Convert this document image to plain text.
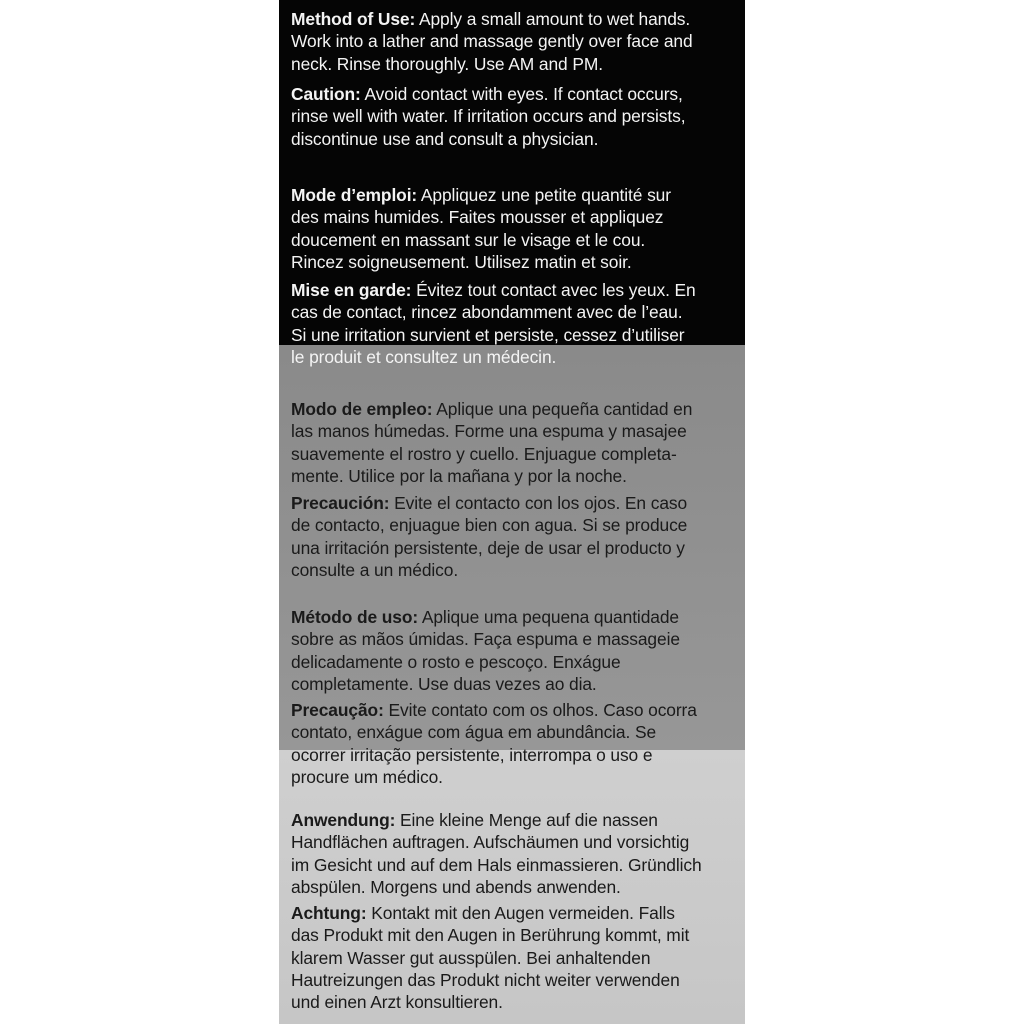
Method of Use: Apply a small amount to wet hands.
Work into a lather and massage gently over face and
neck. Rinse thoroughly. Use AM and PM.

Caution: Avoid contact with eyes. If contact occurs,
rinse well with water. If irritation occurs and persists,
discontinue use and consult a physician.

Mode d’emploi: Appliquez une petite quantité sur
des mains humides. Faites mousser et appliquez
doucement en massant sur le visage et le cou.
Rincez soigneusement. Utilisez matin et soir.

Mise en garde: Évitez tout contact avec les yeux. En
cas de contact, rincez abondamment avec de l’eau.
Si une irritation survient et persiste, cessez d’utiliser
le produit et consultez un médecin.

Modo de empleo: Aplique una pequeña cantidad en
las manos húmedas. Forme una espuma y masajee
suavemente el rostro y cuello. Enjuague completa-
mente. Utilice por la mañana y por la noche.

Precaución: Evite el contacto con los ojos. En caso
de contacto, enjuague bien con agua. Si se produce
una irritación persistente, deje de usar el producto y
consulte a un médico.

Método de uso: Aplique uma pequena quantidade
sobre as mãos úmidas. Faça espuma e massageie
delicadamente o rosto e pescoço. Enxágue
completamente. Use duas vezes ao dia.

Precaução: Evite contato com os olhos. Caso ocorra
contato, enxágue com água em abundância. Se
ocorrer irritação persistente, interrompa o uso e
procure um médico.

Anwendung: Eine kleine Menge auf die nassen
Handflächen auftragen. Aufschäumen und vorsichtig
im Gesicht und auf dem Hals einmassieren. Gründlich
abspülen. Morgens und abends anwenden.

Achtung: Kontakt mit den Augen vermeiden. Falls
das Produkt mit den Augen in Berührung kommt, mit
klarem Wasser gut ausspülen. Bei anhaltenden
Hautreizungen das Produkt nicht weiter verwenden
und einen Arzt konsultieren.
